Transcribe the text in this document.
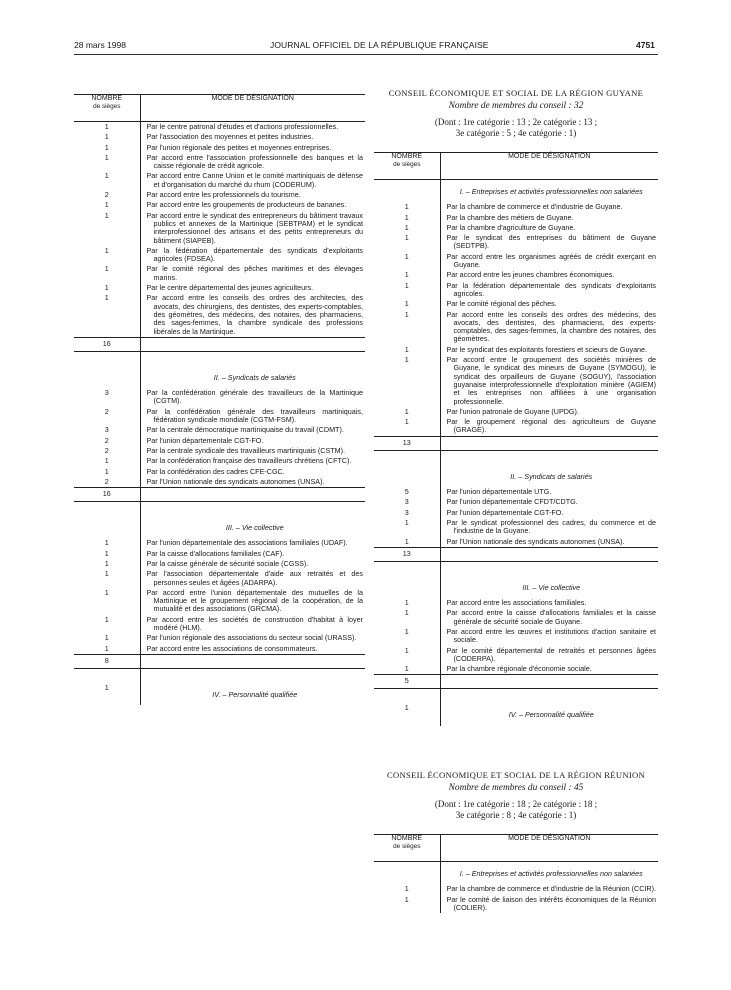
28 mars 1998	JOURNAL OFFICIEL DE LA RÉPUBLIQUE FRANÇAISE	4751
NOMBRE
de sièges	MODE DE DÉSIGNATION
1	Par le centre patronal d'études et d'actions professionnelles.

1	Par l'association des moyennes et petites industries.

1	Par l'union régionale des petites et moyennes entreprises.

1	Par accord entre l'association professionnelle des banques et la caisse régionale de crédit agricole.

1	Par accord entre Canne Union et le comité martiniquais de défense et d'organisation du marché du rhum (CODERUM).

2	Par accord entre les professionnels du tourisme.

1	Par accord entre les groupements de producteurs de bananes.

1	Par accord entre le syndicat des entrepreneurs du bâtiment travaux publics et annexes de la Martinique (SEBTPAM) et le syndicat interprofessionnel des artisans et des petits entrepreneurs du bâtiment (SIAPEB).

1	Par la fédération départementale des syndicats d'exploitants agricoles (FDSEA).

1	Par le comité régional des pêches maritimes et des élevages marins.

1	Par le centre départemental des jeunes agriculteurs.

1	Par accord entre les conseils des ordres des architectes, des avocats, des chirurgiens, des dentistes, des experts-comptables, des géomètres, des médecins, des notaires, des pharmaciens, des sages-femmes, la chambre syndicale des professions libérales de la Martinique.

16	

	II. – Syndicats de salariés
3	Par la confédération générale des travailleurs de la Martinique (CGTM).

2	Par la confédération générale des travailleurs martiniquais, fédération syndicale mondiale (CGTM-FSM).

3	Par la centrale démocratique martiniquaise du travail (CDMT).

2	Par l'union départementale CGT-FO.

2	Par la centrale syndicale des travailleurs martiniquais (CSTM).

1	Par la confédération française des travailleurs chrétiens (CFTC).

1	Par la confédération des cadres CFE-CGC.

2	Par l'Union nationale des syndicats autonomes (UNSA).

16	

	III. – Vie collective
1	Par l'union départementale des associations familiales (UDAF).

1	Par la caisse d'allocations familiales (CAF).

1	Par la caisse générale de sécurité sociale (CGSS).

1	Par l'association départementale d'aide aux retraités et des personnes seules et âgées (ADARPA).

1	Par accord entre l'union départementale des mutuelles de la Martinique et le groupement régional de la coopération, de la mutualité et des associations (GRCMA).

1	Par accord entre les sociétés de construction d'habitat à loyer modéré (HLM).

1	Par l'union régionale des associations du secteur social (URASS).

1	Par accord entre les associations de consommateurs.

8	

1	IV. – Personnalité qualifiée
CONSEIL ÉCONOMIQUE ET SOCIAL DE LA RÉGION GUYANE
Nombre de membres du conseil : 32
(Dont : 1re catégorie : 13 ; 2e catégorie : 13 ;
3e catégorie : 5 ; 4e catégorie : 1)
NOMBRE
de sièges	MODE DE DÉSIGNATION
	I. – Entreprises et activités professionnelles non salariées
1	Par la chambre de commerce et d'industrie de Guyane.

1	Par la chambre des métiers de Guyane.

1	Par la chambre d'agriculture de Guyane.

1	Par le syndicat des entreprises du bâtiment de Guyane (SEDTPB).

1	Par accord entre les organismes agréés de crédit exerçant en Guyane.

1	Par accord entre les jeunes chambres économiques.

1	Par la fédération départementale des syndicats d'exploitants agricoles.

1	Par le comité régional des pêches.

1	Par accord entre les conseils des ordres des médecins, des avocats, des dentistes, des pharmaciens, des experts-comptables, des sages-femmes, la chambre des notaires, des géomètres.

1	Par le syndicat des exploitants forestiers et scieurs de Guyane.

1	Par accord entre le groupement des sociétés minières de Guyane, le syndicat des mineurs de Guyane (SYMOGU), le syndicat des orpailleurs de Guyane (SOGUY), l'association guyanaise interprofessionnelle d'exploitation minière (AGIEM) et les entreprises non affiliées à une organisation professionnelle.

1	Par l'union patronale de Guyane (UPDG).

1	Par le groupement régional des agriculteurs de Guyane (GRAGE).

13	

	II. – Syndicats de salariés
5	Par l'union départementale UTG.

3	Par l'union départementale CFDT/CDTG.

3	Par l'union départementale CGT-FO.

1	Par le syndicat professionnel des cadres, du commerce et de l'industrie de la Guyane.

1	Par l'Union nationale des syndicats autonomes (UNSA).

13	

	III. – Vie collective
1	Par accord entre les associations familiales.

1	Par accord entre la caisse d'allocations familiales et la caisse générale de sécurité sociale de Guyane.

1	Par accord entre les œuvres et institutions d'action sanitaire et sociale.

1	Par le comité départemental de retraités et personnes âgées (CODERPA).

1	Par la chambre régionale d'économie sociale.

5	

1	IV. – Personnalité qualifiée
CONSEIL ÉCONOMIQUE ET SOCIAL DE LA RÉGION RÉUNION
Nombre de membres du conseil : 45
(Dont : 1re catégorie : 18 ; 2e catégorie : 18 ;
3e catégorie : 8 ; 4e catégorie : 1)
NOMBRE
de sièges	MODE DE DÉSIGNATION
	I. – Entreprises et activités professionnelles non salariées
1	Par la chambre de commerce et d'industrie de la Réunion (CCIR).

1	Par le comité de liaison des intérêts économiques de la Réunion (COLIER).
